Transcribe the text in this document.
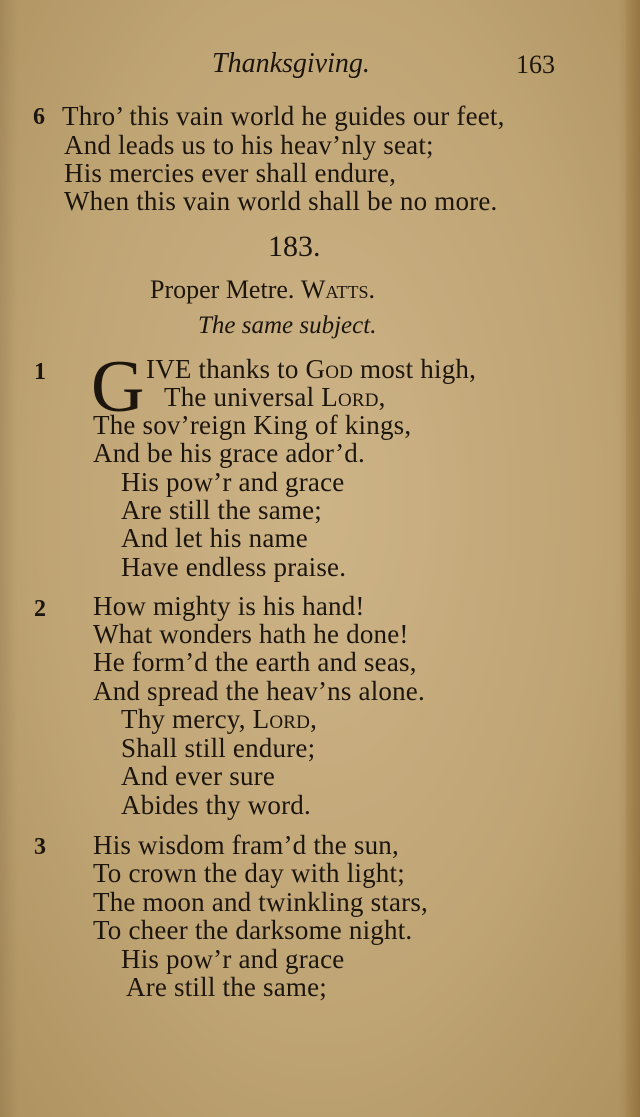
Thanksgiving.	163
6 Thro’ this vain world he guides our feet,
And leads us to his heav’nly seat;
His mercies ever shall endure,
When this vain world shall be no more.
183.
Proper Metre. Watts.
The same subject.
1 G IVE thanks to God most high,
The universal Lord,
The sov’reign King of kings,
And be his grace ador’d.
His pow’r and grace
Are still the same;
And let his name
Have endless praise.
2 How mighty is his hand!
What wonders hath he done!
He form’d the earth and seas,
And spread the heav’ns alone.
Thy mercy, Lord,
Shall still endure;
And ever sure
Abides thy word.
3 His wisdom fram’d the sun,
To crown the day with light;
The moon and twinkling stars,
To cheer the darksome night.
His pow’r and grace
Are still the same;
